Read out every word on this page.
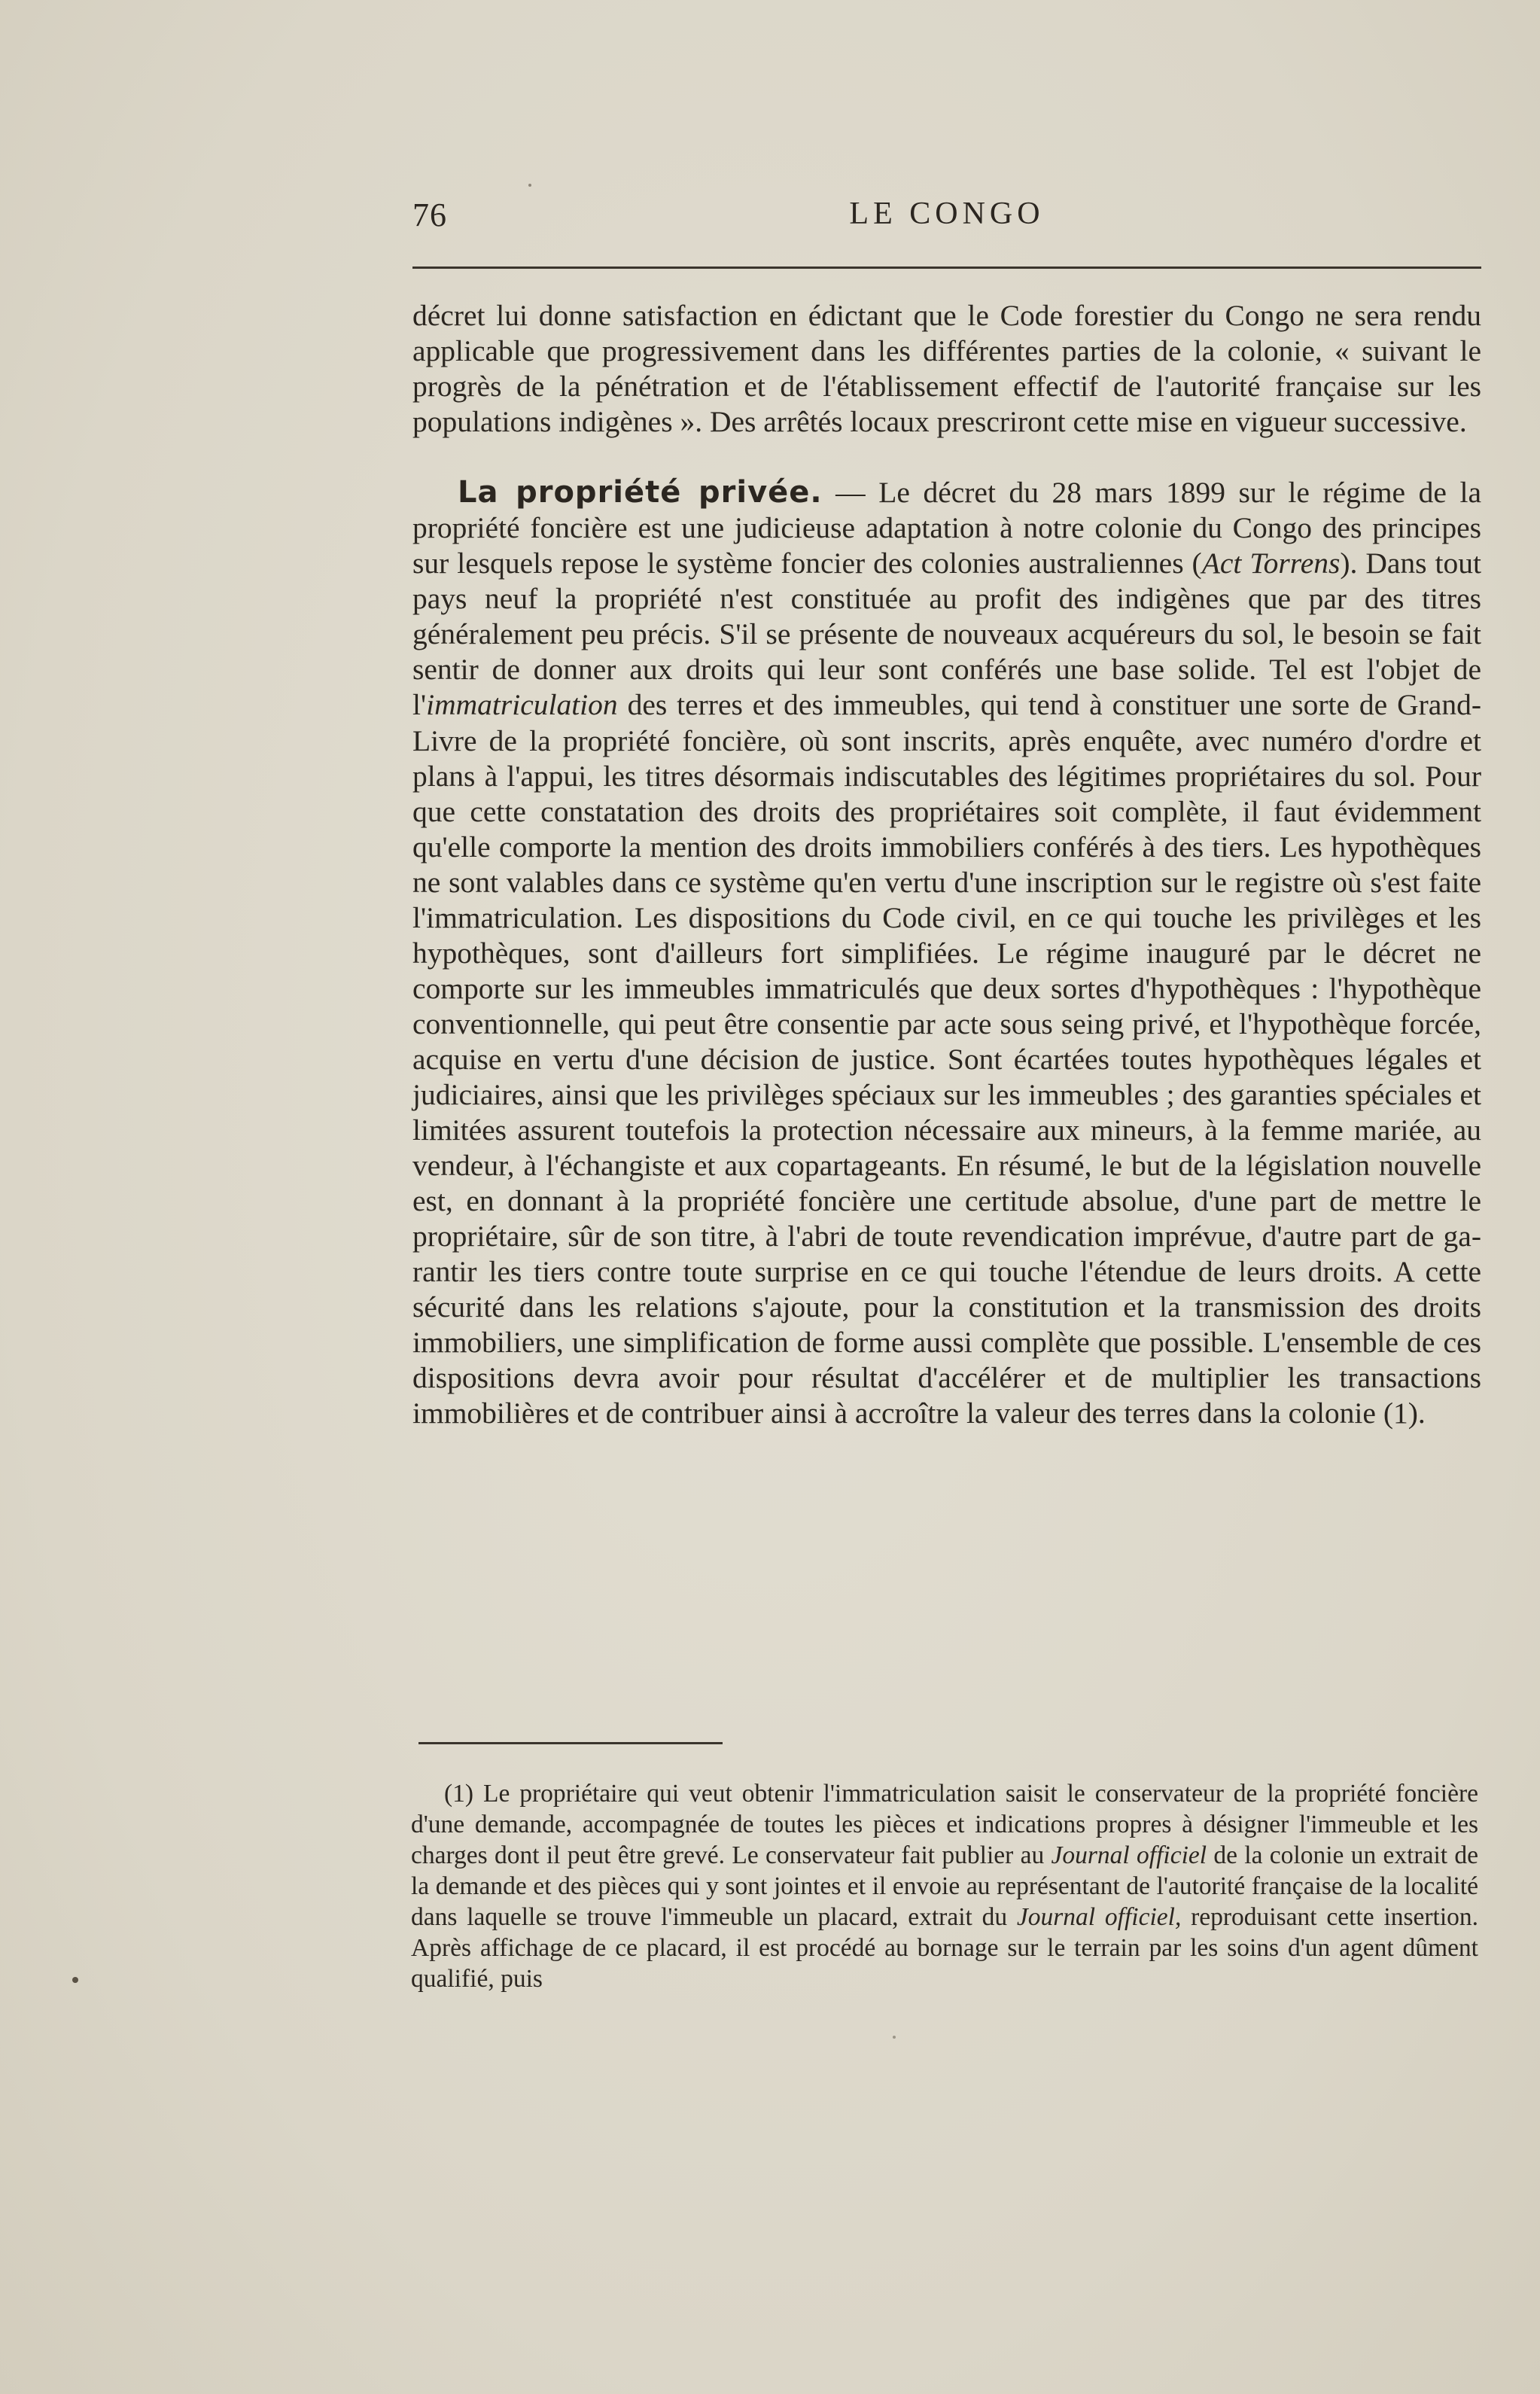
76	LE CONGO

décret lui donne satisfaction en édictant que le Code forestier du Congo ne sera rendu applicable que progressivement dans les différentes parties de la colonie, « suivant le progrès de la pénétration et de l'établissement effectif de l'autorité française sur les populations indigènes ». Des arrêtés locaux prescriront cette mise en vigueur successive.

La propriété privée. — Le décret du 28 mars 1899 sur le régime de la propriété foncière est une judicieuse adaptation à notre colonie du Congo des principes sur lesquels repose le système foncier des colonies australiennes (Act Torrens). Dans tout pays neuf la propriété n'est constituée au profit des indigènes que par des titres généralement peu précis. S'il se présente de nouveaux acquéreurs du sol, le besoin se fait sentir de donner aux droits qui leur sont conférés une base solide. Tel est l'objet de l'immatriculation des terres et des immeubles, qui tend à constituer une sorte de Grand-Livre de la propriété foncière, où sont inscrits, après enquête, avec numéro d'ordre et plans à l'appui, les titres désormais indiscutables des légitimes propriétaires du sol. Pour que cette constatation des droits des propriétaires soit complète, il faut évidemment qu'elle comporte la mention des droits immobiliers conférés à des tiers. Les hypothèques ne sont valables dans ce système qu'en vertu d'une inscription sur le registre où s'est faite l'immatriculation. Les dispositions du Code civil, en ce qui touche les privilèges et les hypothèques, sont d'ailleurs fort simplifiées. Le régime inauguré par le décret ne comporte sur les immeubles immatriculés que deux sortes d'hypothèques : l'hypothèque conventionnelle, qui peut être consentie par acte sous seing privé, et l'hypothèque forcée, acquise en vertu d'une décision de justice. Sont écartées toutes hypothèques légales et judiciaires, ainsi que les privilèges spéciaux sur les immeubles ; des garanties spéciales et limitées assurent toutefois la protection nécessaire aux mineurs, à la femme mariée, au vendeur, à l'échangiste et aux copartageants. En résumé, le but de la législation nouvelle est, en donnant à la propriété foncière une certitude absolue, d'une part de mettre le propriétaire, sûr de son titre, à l'abri de toute revendication imprévue, d'autre part de garantir les tiers contre toute surprise en ce qui touche l'étendue de leurs droits. A cette sécurité dans les relations s'ajoute, pour la constitution et la transmission des droits immobiliers, une simplification de forme aussi complète que possible. L'ensemble de ces dispositions devra avoir pour résultat d'accélérer et de multiplier les transactions immobilières et de contribuer ainsi à accroître la valeur des terres dans la colonie (1).

(1) Le propriétaire qui veut obtenir l'immatriculation saisit le conservateur de la propriété foncière d'une demande, accompagnée de toutes les pièces et indications propres à désigner l'immeuble et les charges dont il peut être grevé. Le conservateur fait publier au Journal officiel de la colonie un extrait de la demande et des pièces qui y sont jointes et il envoie au représentant de l'autorité française de la localité dans laquelle se trouve l'immeuble un placard, extrait du Journal officiel, reproduisant cette insertion. Après affichage de ce placard, il est procédé au bornage sur le terrain par les soins d'un agent dûment qualifié, puis
